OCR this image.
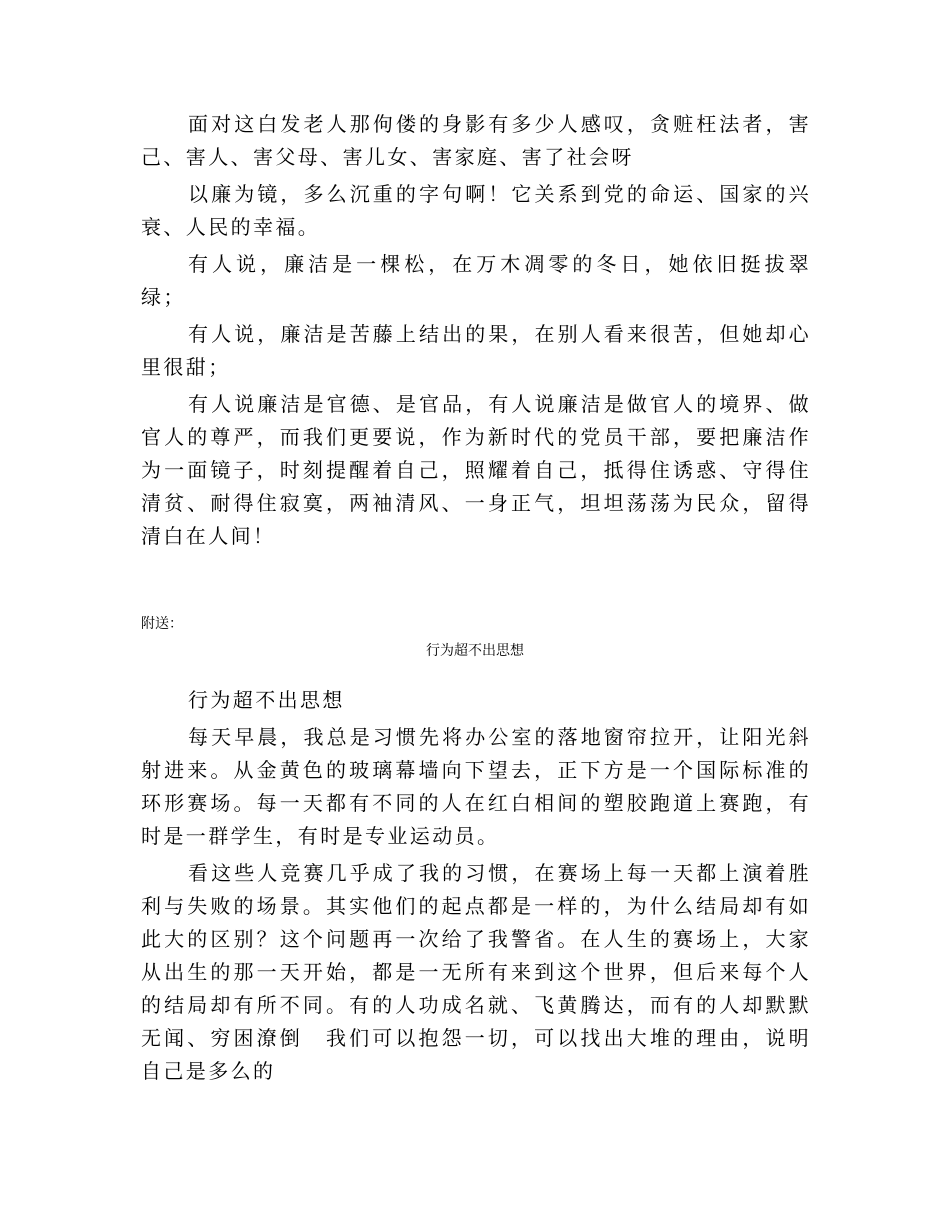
面对这白发老人那佝偻的身影有多少人感叹，贪赃枉法者，害己、害人、害父母、害儿女、害家庭、害了社会呀

以廉为镜，多么沉重的字句啊！它关系到党的命运、国家的兴衰、人民的幸福。

有人说，廉洁是一棵松，在万木凋零的冬日，她依旧挺拔翠绿；

有人说，廉洁是苦藤上结出的果，在别人看来很苦，但她却心里很甜；

有人说廉洁是官德、是官品，有人说廉洁是做官人的境界、做官人的尊严，而我们更要说，作为新时代的党员干部，要把廉洁作为一面镜子，时刻提醒着自己，照耀着自己，抵得住诱惑、守得住清贫、耐得住寂寞，两袖清风、一身正气，坦坦荡荡为民众，留得清白在人间！

附送：

行为超不出思想

行为超不出思想

每天早晨，我总是习惯先将办公室的落地窗帘拉开，让阳光斜射进来。从金黄色的玻璃幕墙向下望去，正下方是一个国际标准的环形赛场。每一天都有不同的人在红白相间的塑胶跑道上赛跑，有时是一群学生，有时是专业运动员。

看这些人竞赛几乎成了我的习惯，在赛场上每一天都上演着胜利与失败的场景。其实他们的起点都是一样的，为什么结局却有如此大的区别？这个问题再一次给了我警省。在人生的赛场上，大家从出生的那一天开始，都是一无所有来到这个世界，但后来每个人的结局却有所不同。有的人功成名就、飞黄腾达，而有的人却默默无闻、穷困潦倒　我们可以抱怨一切，可以找出大堆的理由，说明自己是多么的
